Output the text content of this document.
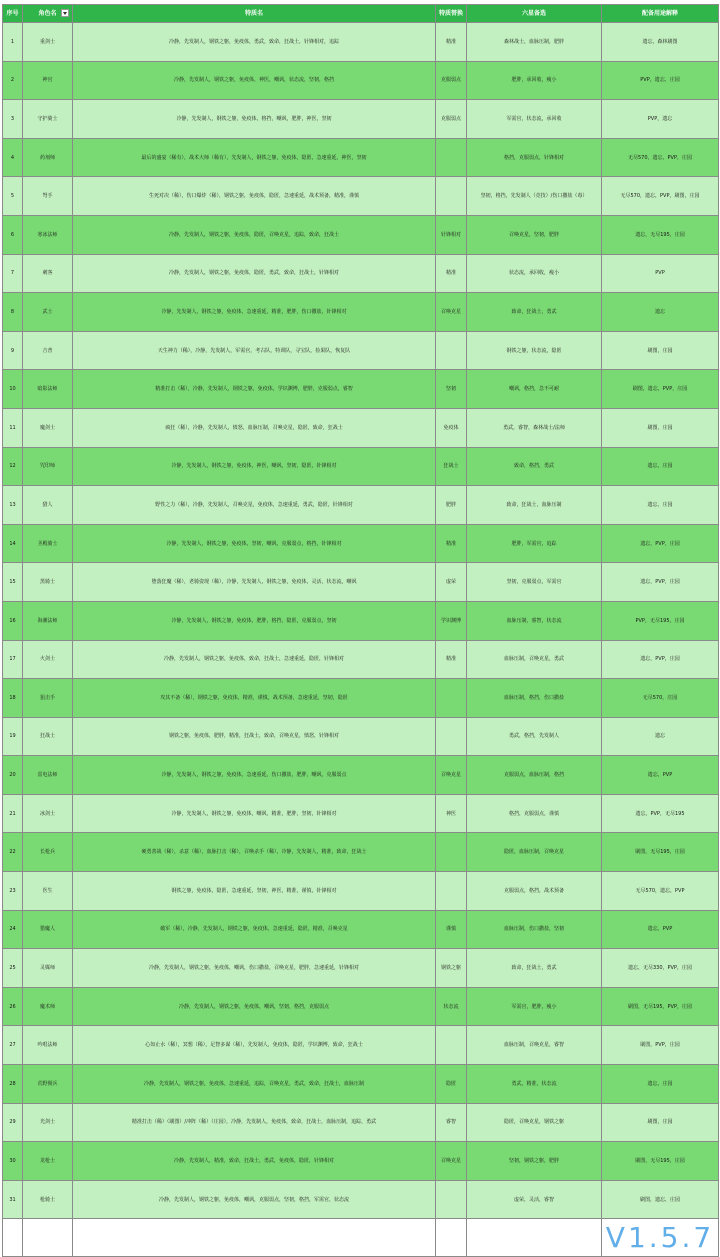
序号	角色名	特质名	特质替换	六星备选	配备用途解释
1	重剑士	冷静，先发制人，钢铁之躯，免疫体，勇武，致命，狂战士，针锋相对，追踪	精准	森林战士，血脉压制，肥胖	遗忘，森林刷图
2	神官	冷静，先发制人，钢铁之躯，免疫体，神医，嘲讽，状态流，坚韧，格挡	克服弱点	肥胖，承回收，瘦小	PVP，遗忘，庄园
3	守护骑士	冷静，先发制人，钢铁之躯，免疫体，格挡，嘲讽，肥胖，神医，坚韧	克服弱点	军需官，状态流，承回收	PVP，遗忘
4	药剂师	最后的盛宴（稀有），战术大师（稀有），先发制人，钢铁之躯，免疫体，隐匿，急速重延，神医，坚韧		格挡，克服弱点，针锋相对	无尽570，遗忘，PVP，庄园
5	弩手	生死对决（稀），伤口爆炸（稀），钢铁之躯，免疫体，隐匿，急速重延，战术预备，精准，谨慎		坚韧，格挡，先发制人（竞技）/伤口撒盐（毒）	无尽570，遗忘，PVP，刷图，庄园
6	寒冰法师	冷静，先发制人，钢铁之躯，免疫体，隐匿，召唤克星，追踪，致命，狂战士	针锋相对	召唤克星，坚韧，肥胖	遗忘，无尽195，庄园
7	刺客	冷静，先发制人，钢铁之躯，免疫体，隐匿，勇武，致命，狂战士，针锋相对	精准	状态流，承回收，瘦小	PVP
8	武士	冷静，先发制人，钢铁之躯，免疫体，急速重延，精准，肥胖，伤口撒盐，针锋相对	召唤克星	致命，狂战士，勇武	遗忘
9	吉普	天生神力（稀），冷静，先发制人，军需官，考古队，特训队，寻宝队，捡果队，恢复队		钢铁之躯，状态流，隐匿	刷图，庄园
10	暗影法师	精准打击（稀），冷静，先发制人，钢铁之躯，免疫体，学识渊博，肥胖，克服弱点，睿智	坚韧	嘲讽，格挡，急不可耐	刷图，遗忘，PVP，庄园
11	魔剑士	疯狂（稀），冷静，先发制人，愤怒，血脉压制，召唤克星，隐匿，致命，狂战士	免疫体	勇武，睿智，森林战士/法师	刷图，庄园
12	咒印师	冷静，先发制人，钢铁之躯，免疫体，神医，嘲讽，坚韧，隐匿，针锋相对	狂战士	致命，格挡，勇武	遗忘，庄园
13	猎人	野性之力（稀），冷静，先发制人，召唤克星，免疫体，急速重延，勇武，隐匿，针锋相对	肥胖	致命，狂战士，血脉压制	遗忘，庄园
14	圣殿骑士	冷静，先发制人，钢铁之躯，免疫体，坚韧，嘲讽，克服弱点，格挡，针锋相对	精准	肥胖，军需官，追踪	遗忘，PVP，庄园
15	黑骑士	堕落狂魔（稀），老骑姿现（稀），冷静，先发制人，钢铁之躯，免疫体，灵活，状态流，嘲讽	虚荣	坚韧，克服弱点，军需官	遗忘，PVP，庄园
16	海潮法师	冷静，先发制人，钢铁之躯，免疫体，肥胖，格挡，隐匿，克服弱点，坚韧	学识渊博	血脉压制，睿智，状态流	PVP，无尽195，庄园
17	火剑士	冷静，先发制人，钢铁之躯，免疫体，致命，狂战士，急速重延，隐匿，针锋相对	精准	血脉压制，召唤克星，勇武	遗忘，PVP，庄园
18	狙击手	攻其不备（稀），钢铁之躯，免疫体，精准，谨慎，战术预备，急速重延，坚韧，隐匿		血脉压制，格挡，伤口撒盐	无尽570，庄园
19	狂战士	钢铁之躯，免疫体，肥胖，精准，狂战士，致命，召唤克星，愤怒，针锋相对		勇武，格挡，先发制人	遗忘
20	雷电法师	冷静，先发制人，钢铁之躯，免疫体，急速重延，伤口撒盐，肥胖，嘲讽，克服弱点	召唤克星	克服弱点，血脉压制，格挡	遗忘，PVP
21	冰剑士	冷静，先发制人，钢铁之躯，免疫体，嘲讽，精准，肥胖，坚韧，针锋相对	神医	格挡，克服弱点，谨慎	遗忘，PVP，无尽195
22	长枪兵	硬勇善战（稀），杀意（稀），血脉打击（稀），召唤杀手（稀），冷静，先发制人，精准，致命，狂战士		隐匿，血脉压制，召唤克星	刷图，无尽195，庄园
23	医生	钢铁之躯，免疫体，隐匿，急速重延，坚韧，神医，精准，谨慎，针锋相对		克服弱点，格挡，战术预备	无尽570，遗忘，PVP
24	猎魔人	破军（稀），冷静，先发制人，钢铁之躯，免疫体，急速重延，隐匿，精准，召唤克星	谨慎	血脉压制，伤口撒盐，坚韧	遗忘，PVP
25	灵媒师	冷静，先发制人，钢铁之躯，免疫体，嘲讽，伤口撒盐，召唤克星，肥胖，急速重延，针锋相对	钢铁之躯	致命，狂战士，勇武	遗忘，无尽330，PVP，庄园
26	魔术师	冷静，先发制人，钢铁之躯，免疫体，嘲讽，坚韧，格挡，克服弱点	状态流	军需官，肥胖，瘦小	刷图，无尽195，PVP，庄园
27	吟唱法师	心如止水（稀），冥想（稀），足智多谋（稀），先发制人，免疫体，隐匿，学识渊博，致命，狂战士		血脉压制，召唤克星，睿智	刷图，PVP，庄园
28	荒野佣兵	冷静，先发制人，钢铁之躯，免疫体，急速重延，追踪，召唤克星，勇武，致命，狂战士，血脉压制	隐匿	勇武，精准，状态流	遗忘，庄园
29	光剑士	精准打击（稀）（刷图）/冲阵（稀）（庄园），冷静，先发制人，免疫体，致命，狂战士，血脉压制，追踪，勇武	睿智	隐匿，召唤克星，钢铁之躯	刷图，庄园
30	龙枪士	冷静，先发制人，精准，致命，狂战士，勇武，免疫体，隐匿，针锋相对	召唤克星	坚韧，钢铁之躯，肥胖	刷图，无尽195，庄园
31	枪骑士	冷静，先发制人，钢铁之躯，免疫体，嘲讽，克服弱点，坚韧，格挡，军需官，状态流		虚荣，灵活，睿智	刷图，遗忘，庄园
					V1.5.7
